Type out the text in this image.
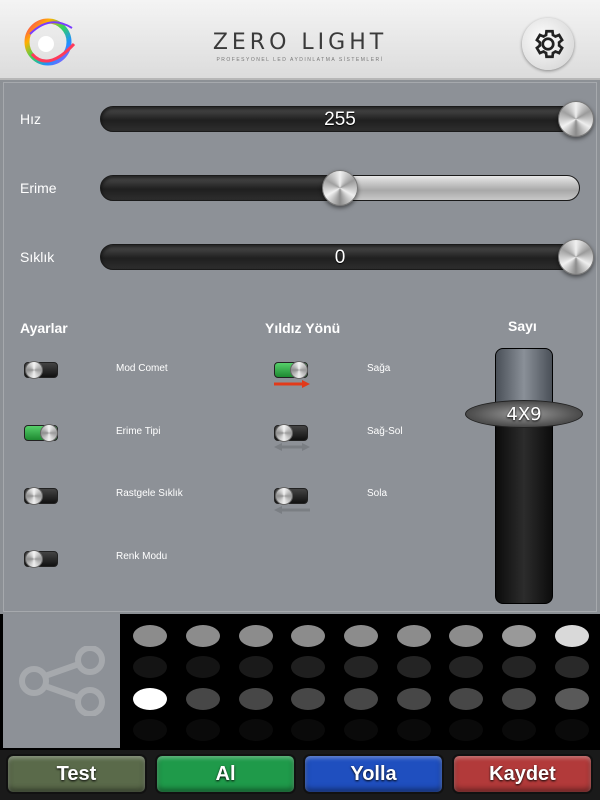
ZERO LIGHT
PROFESYONEL LED AYDINLATMA SİSTEMLERİ
Hız	255
Erime
Sıklık	0
Ayarlar
Mod Comet
Erime Tipi
Rastgele Sıklık
Renk Modu
Yıldız Yönü
Sağa
Sağ-Sol
Sola
Sayı
4X9
Test	Al	Yolla	Kaydet
